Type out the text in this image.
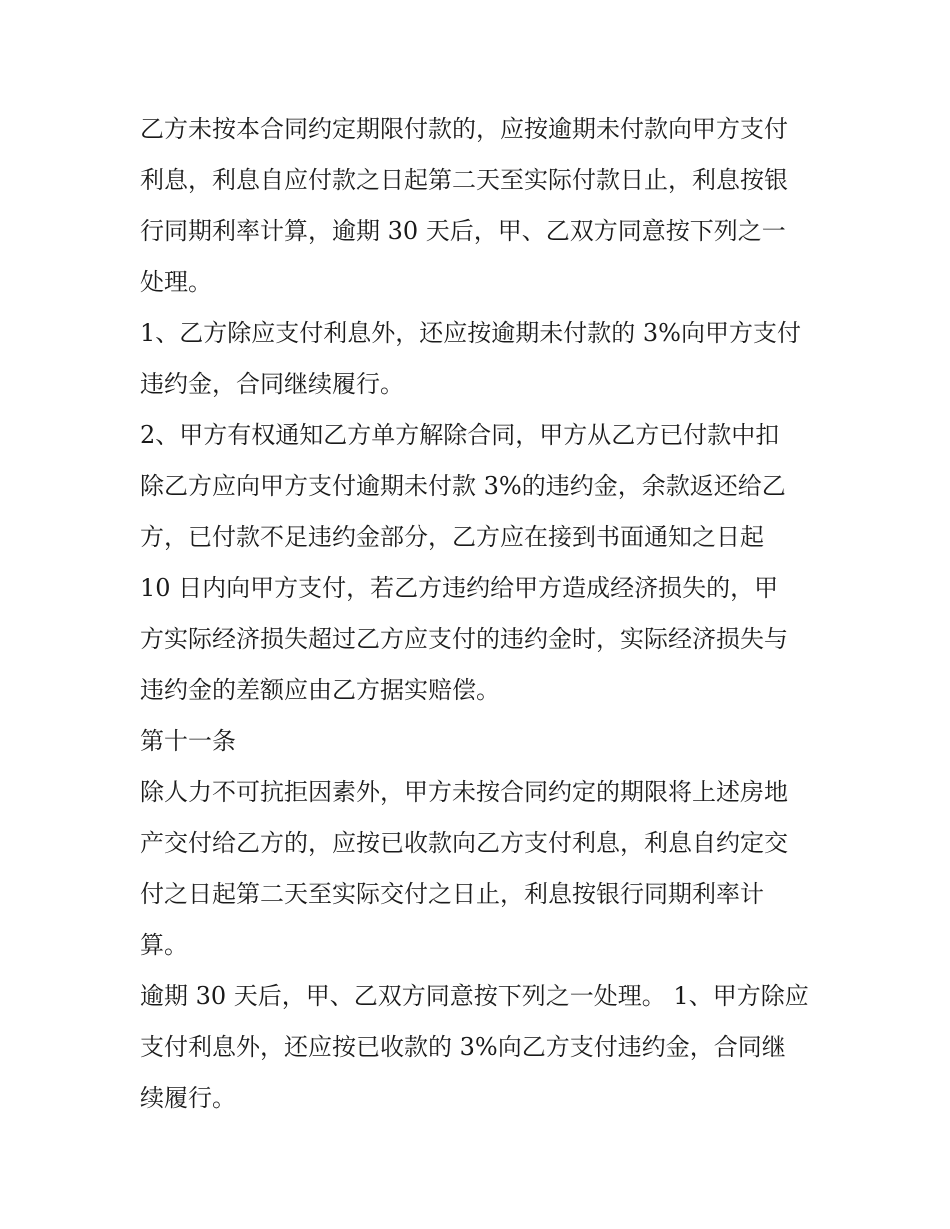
乙方未按本合同约定期限付款的，应按逾期未付款向甲方支付

利息，利息自应付款之日起第二天至实际付款日止，利息按银

行同期利率计算，逾期 30 天后，甲、乙双方同意按下列之一

处理。

1、乙方除应支付利息外，还应按逾期未付款的 3%向甲方支付

违约金，合同继续履行。

2、甲方有权通知乙方单方解除合同，甲方从乙方已付款中扣

除乙方应向甲方支付逾期未付款 3%的违约金，余款返还给乙

方，已付款不足违约金部分，乙方应在接到书面通知之日起

10 日内向甲方支付，若乙方违约给甲方造成经济损失的，甲

方实际经济损失超过乙方应支付的违约金时，实际经济损失与

违约金的差额应由乙方据实赔偿。

第十一条

除人力不可抗拒因素外，甲方未按合同约定的期限将上述房地

产交付给乙方的，应按已收款向乙方支付利息，利息自约定交

付之日起第二天至实际交付之日止，利息按银行同期利率计

算。

逾期 30 天后，甲、乙双方同意按下列之一处理。 1、甲方除应

支付利息外，还应按已收款的 3%向乙方支付违约金，合同继

续履行。
